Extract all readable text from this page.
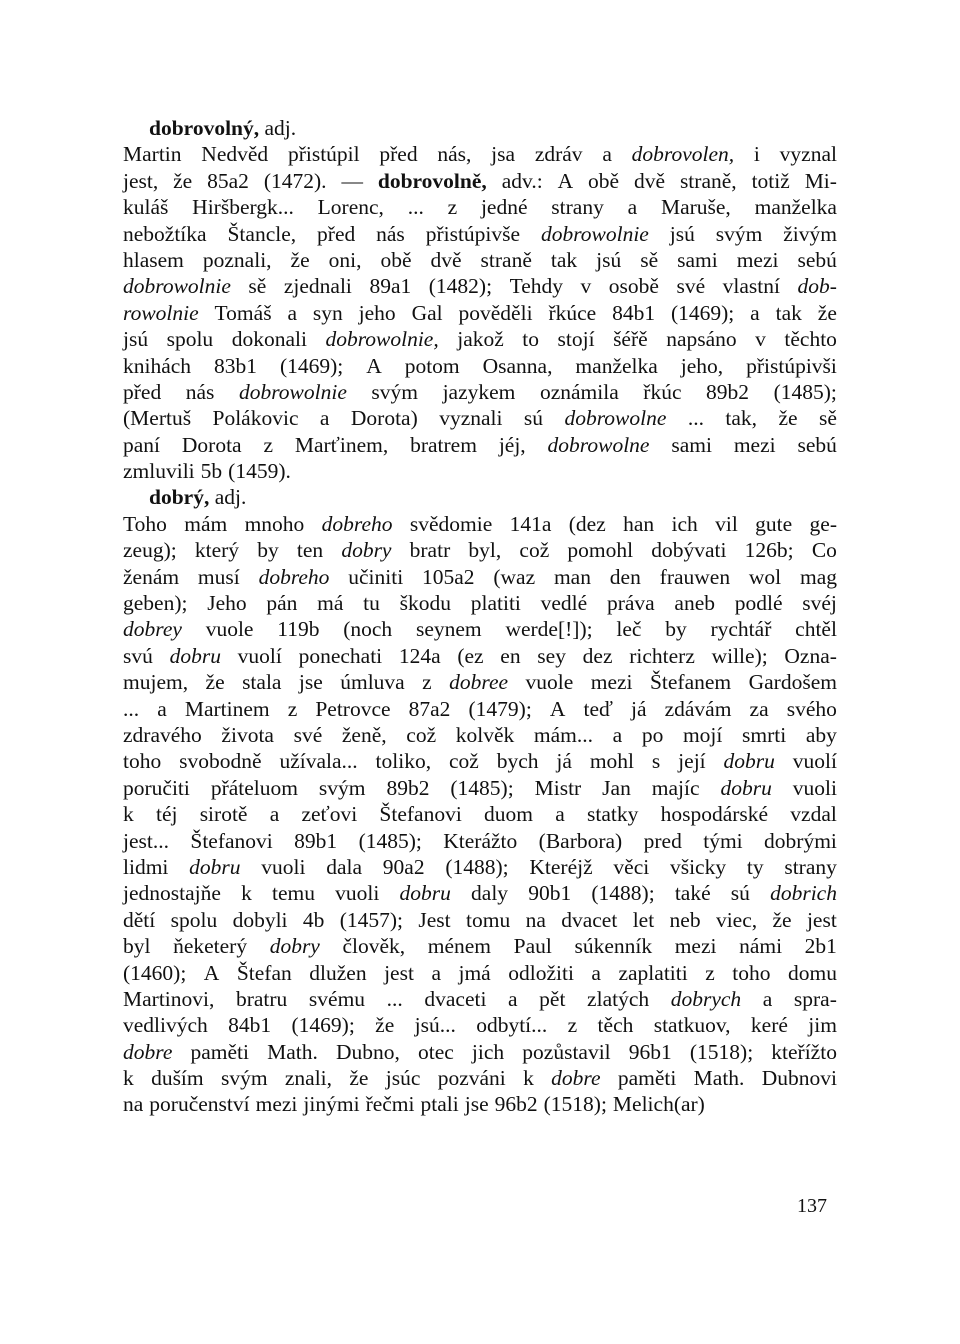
dobrovolný, adj.
Martin Nedvěd přistúpil před nás, jsa zdráv a dobrovolen, i vyznal
jest, že 85a2 (1472). — dobrovolně, adv.: A obě dvě straně, totiž Mi-
kuláš Hiršbergk... Lorenc, ... z jedné strany a Maruše, manželka
nebožtíka Štancle, před nás přistúpivše dobrowolnie jsú svým živým
hlasem poznali, že oni, obě dvě straně tak jsú sě sami mezi sebú
dobrowolnie sě zjednali 89a1 (1482); Tehdy v osobě své vlastní dob-
rowolnie Tomáš a syn jeho Gal pověděli řkúce 84b1 (1469); a tak že
jsú spolu dokonali dobrowolnie, jakož to stojí šéřě napsáno v těchto
knihách 83b1 (1469); A potom Osanna, manželka jeho, přistúpivši
před nás dobrowolnie svým jazykem oznámila řkúc 89b2 (1485);
(Mertuš Polákovic a Dorota) vyznali sú dobrowolne ... tak, že sě
paní Dorota z Marťinem, bratrem jéj, dobrowolne sami mezi sebú
zmluvili 5b (1459).
dobrý, adj.
Toho mám mnoho dobreho svědomie 141a (dez han ich vil gute ge-
zeug); který by ten dobry bratr byl, což pomohl dobývati 126b; Co
ženám musí dobreho učiniti 105a2 (waz man den frauwen wol mag
geben); Jeho pán má tu škodu platiti vedlé práva aneb podlé svéj
dobrey vuole 119b (noch seynem werde[!]); leč by rychtář chtěl
svú dobru vuolí ponechati 124a (ez en sey dez richterz wille); Ozna-
mujem, že stala jse úmluva z dobree vuole mezi Štefanem Gardošem
... a Martinem z Petrovce 87a2 (1479); A teď já zdávám za svého
zdravého života své ženě, což kolvěk mám... a po mojí smrti aby
toho svobodně užívala... toliko, což bych já mohl s její dobru vuolí
poručiti přáteluom svým 89b2 (1485); Mistr Jan majíc dobru vuoli
k téj sirotě a zeťovi Štefanovi duom a statky hospodárské vzdal
jest... Štefanovi 89b1 (1485); Kterážto (Barbora) pred tými dobrými
lidmi dobru vuoli dala 90a2 (1488); Kteréjž věci všicky ty strany
jednostajňe k temu vuoli dobru daly 90b1 (1488); také sú dobrich
dětí spolu dobyli 4b (1457); Jest tomu na dvacet let neb viec, že jest
byl ňeketerý dobry člověk, ménem Paul súkenník mezi námi 2b1
(1460); A Štefan dlužen jest a jmá odložiti a zaplatiti z toho domu
Martinovi, bratru svému ... dvaceti a pět zlatých dobrych a spra-
vedlivých 84b1 (1469); že jsú... odbytí... z těch statkuov, keré jim
dobre paměti Math. Dubno, otec jich pozůstavil 96b1 (1518); kteřížto
k duším svým znali, že jsúc pozváni k dobre paměti Math. Dubnovi
na poručenství mezi jinými řečmi ptali jse 96b2 (1518); Melich(ar)
137
